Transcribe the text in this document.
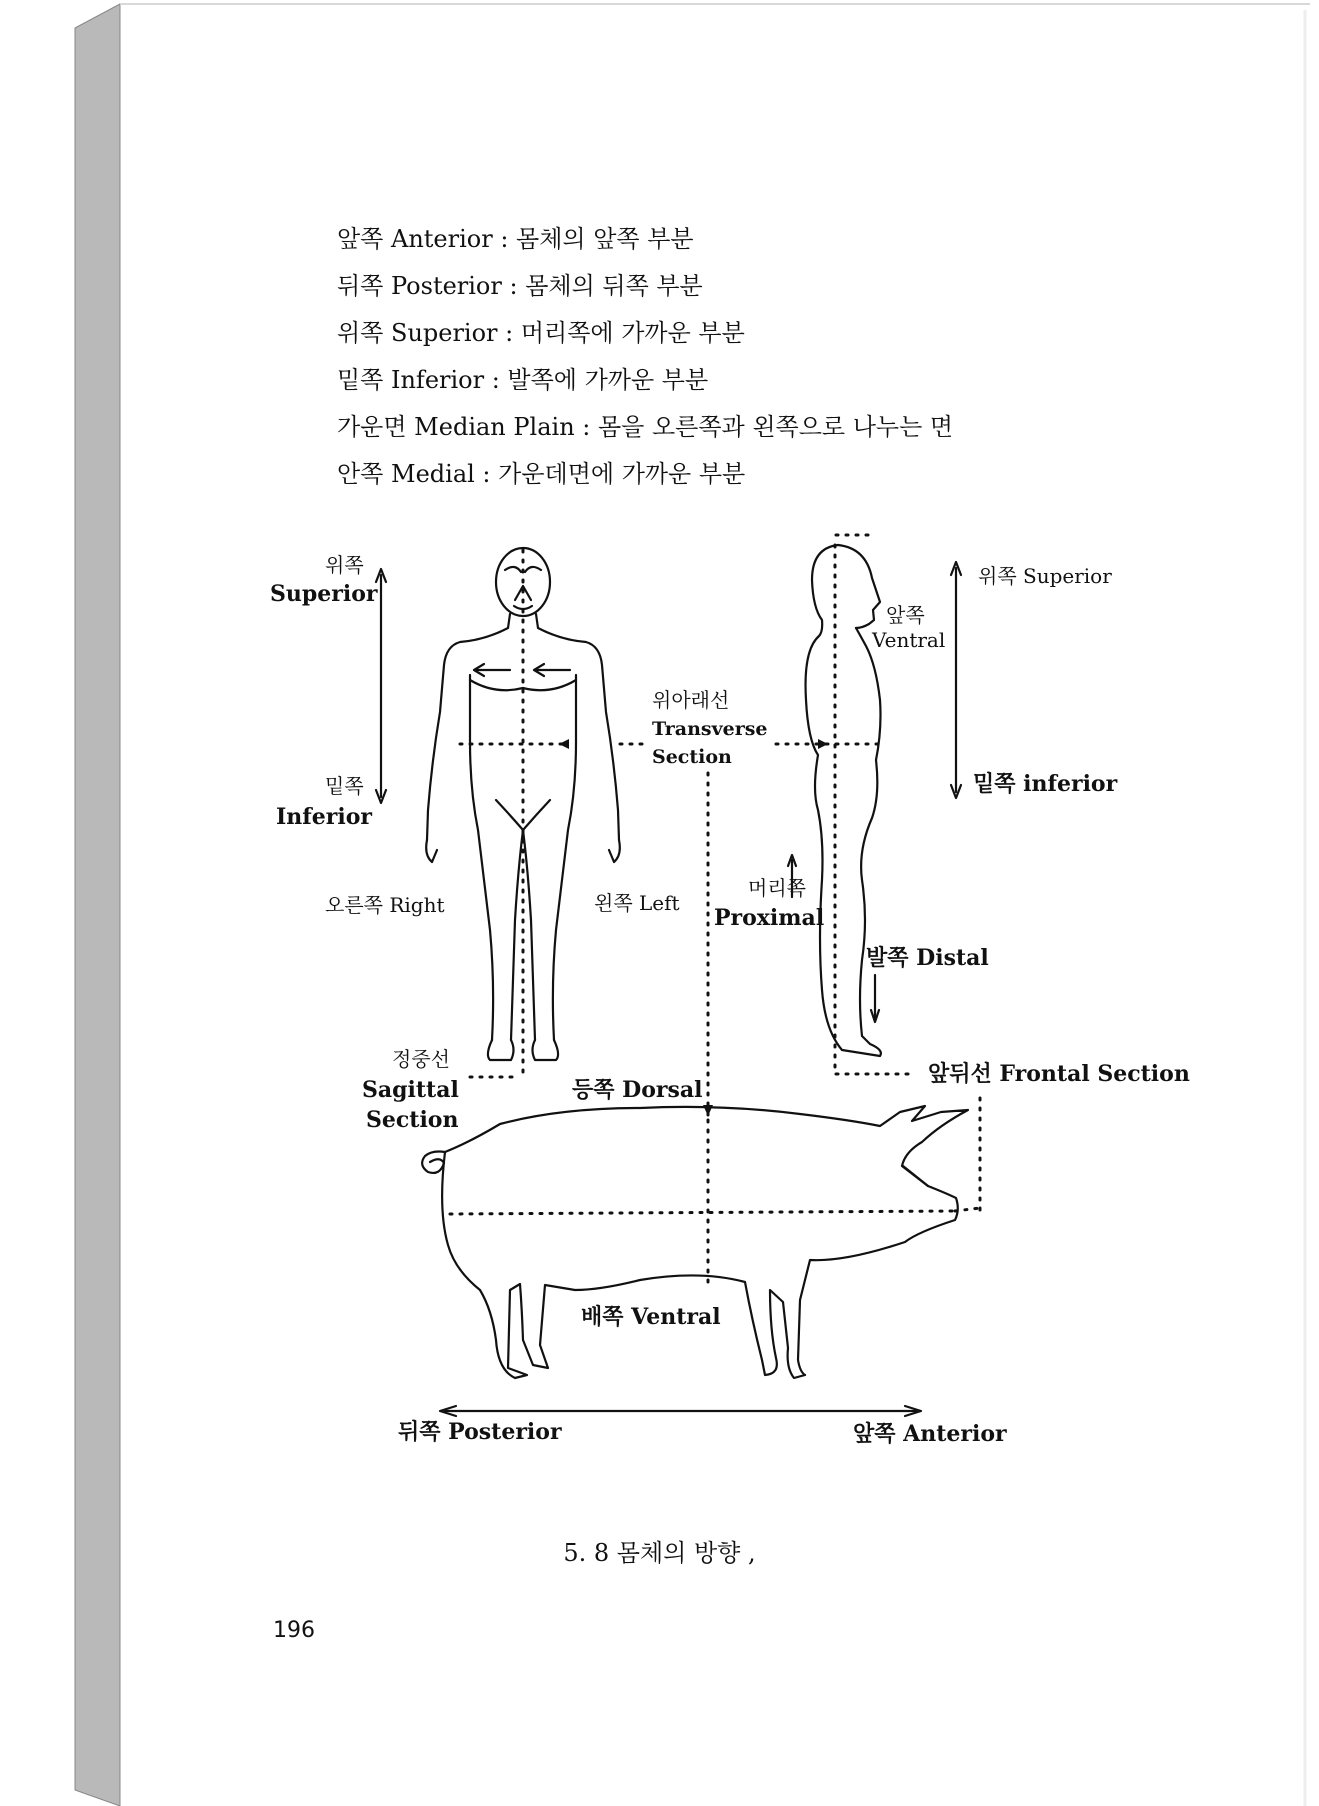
앞쪽 Anterior : 몸체의 앞쪽 부분
뒤쪽 Posterior : 몸체의 뒤쪽 부분
위쪽 Superior : 머리쪽에 가까운 부분
밑쪽 Inferior : 발쪽에 가까운 부분
가운면 Median Plain : 몸을 오른쪽과 왼쪽으로 나누는 면
안쪽 Medial : 가운데면에 가까운 부분
위쪽
Superior
밑쪽
Inferior
오른쪽 Right	왼쪽 Left
정중선
Sagittal
Section
위아래선
Transverse
Section
앞쪽
Ventral
위쪽 Superior
밑쪽 inferior
머리쪽
Proximal
발쪽 Distal
앞뒤선 Frontal Section
등쪽 Dorsal
배쪽 Ventral
뒤쪽 Posterior	앞쪽 Anterior
5. 8 몸체의 방향 ,
196
